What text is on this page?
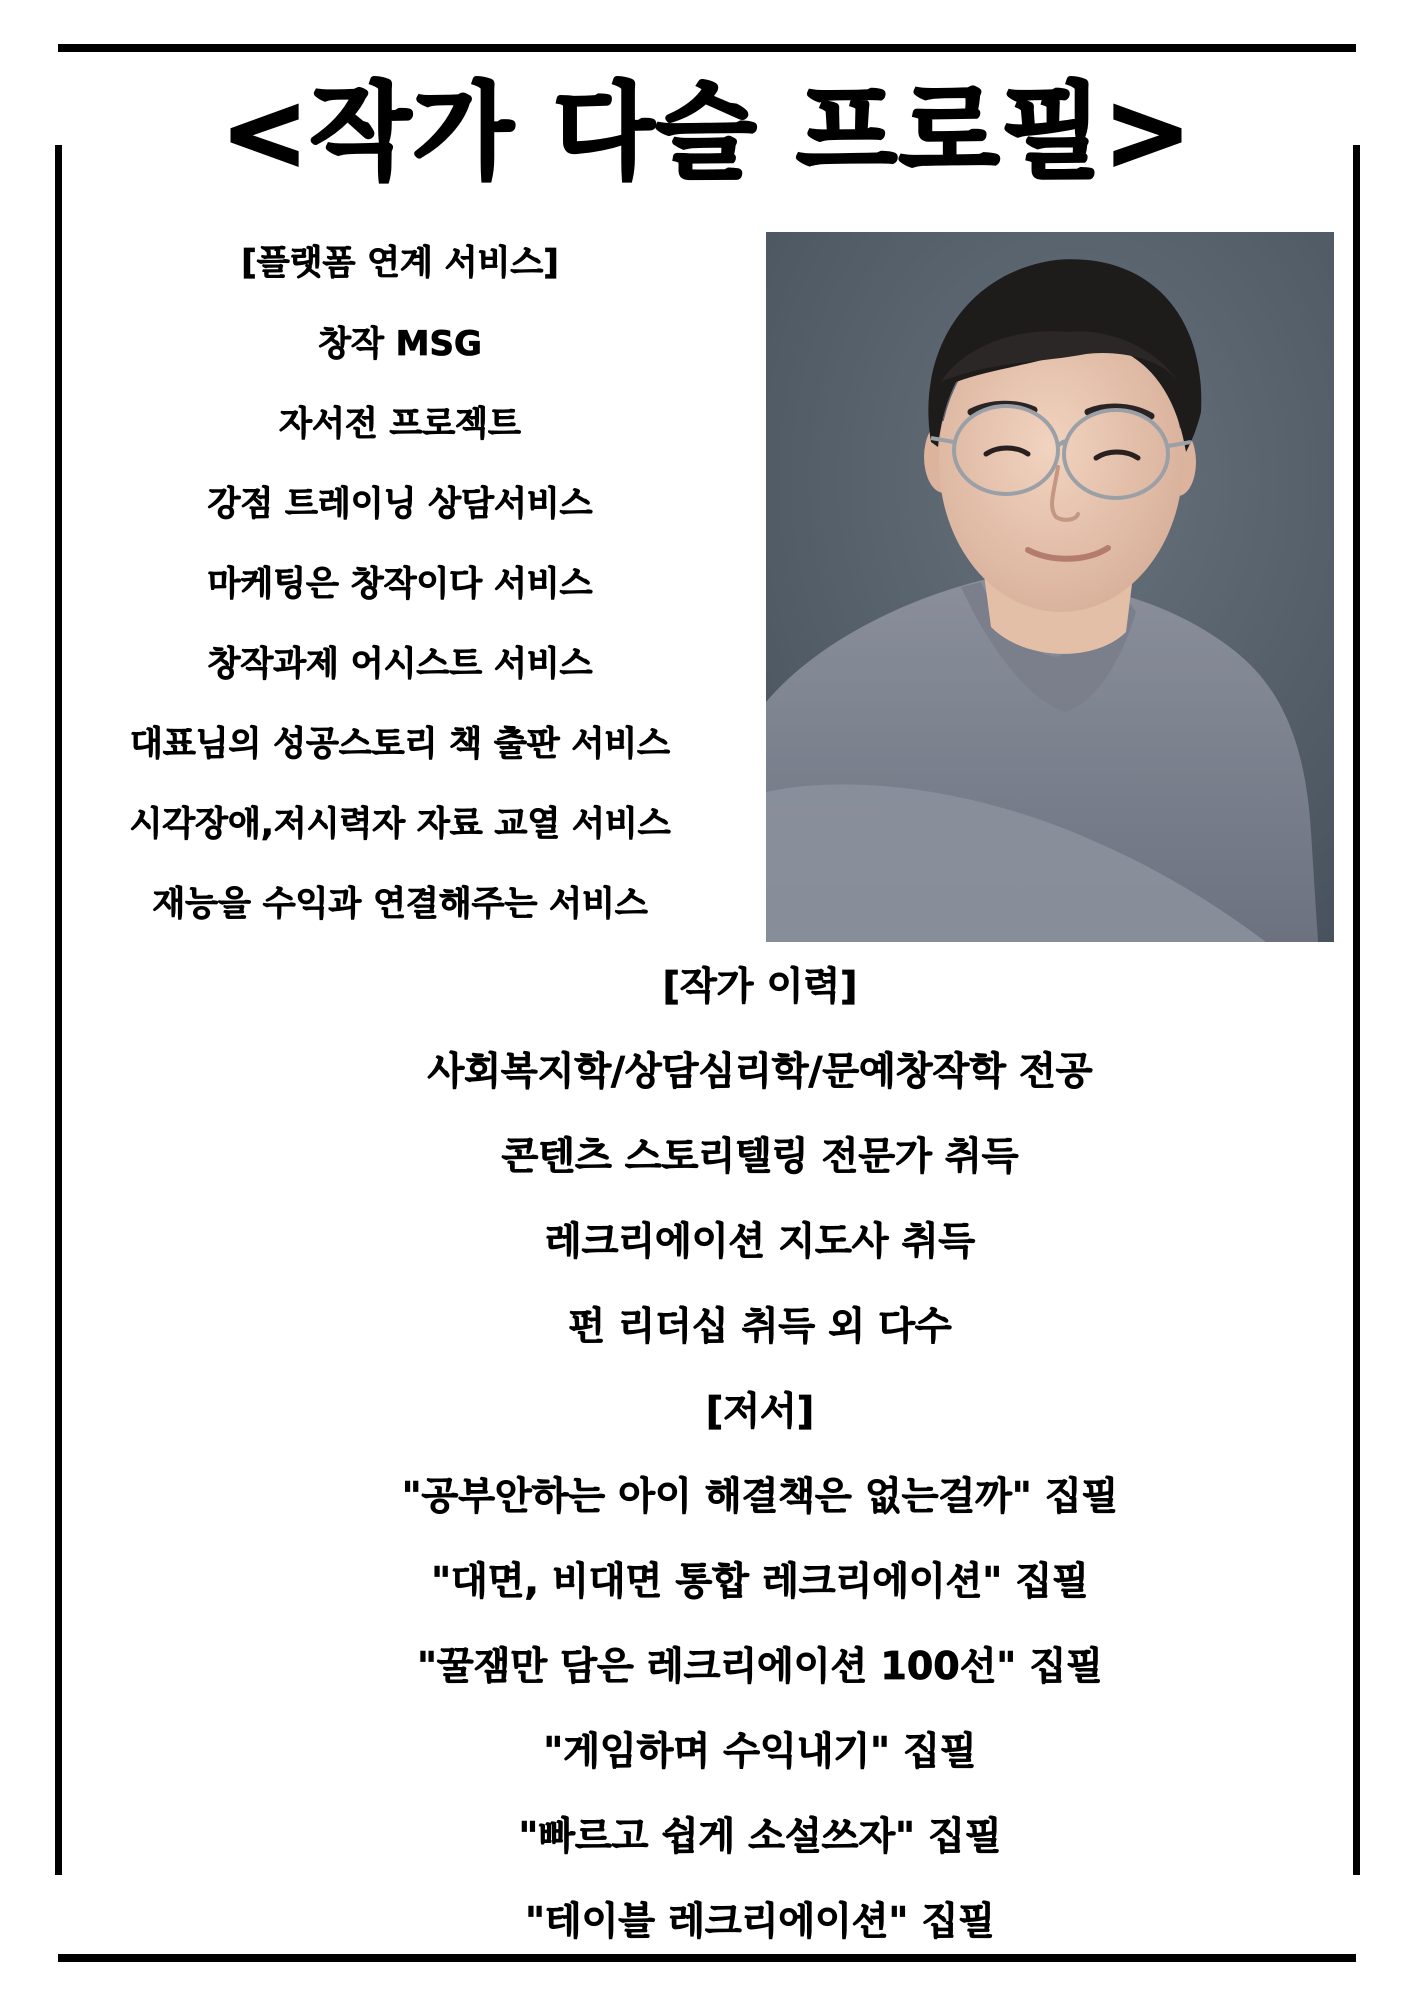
<작가 다슬 프로필>
[플랫폼 연계 서비스]
창작 MSG
자서전 프로젝트
강점 트레이닝 상담서비스
마케팅은 창작이다 서비스
창작과제 어시스트 서비스
대표님의 성공스토리 책 출판 서비스
시각장애,저시력자 자료 교열 서비스
재능을 수익과 연결해주는 서비스
[작가 이력]
사회복지학/상담심리학/문예창작학 전공
콘텐츠 스토리텔링 전문가 취득
레크리에이션 지도사 취득
펀 리더십 취득 외 다수
[저서]
"공부안하는 아이 해결책은 없는걸까" 집필
"대면, 비대면 통합 레크리에이션" 집필
"꿀잼만 담은 레크리에이션 100선" 집필
"게임하며 수익내기" 집필
"빠르고 쉽게 소설쓰자" 집필
"테이블 레크리에이션" 집필
